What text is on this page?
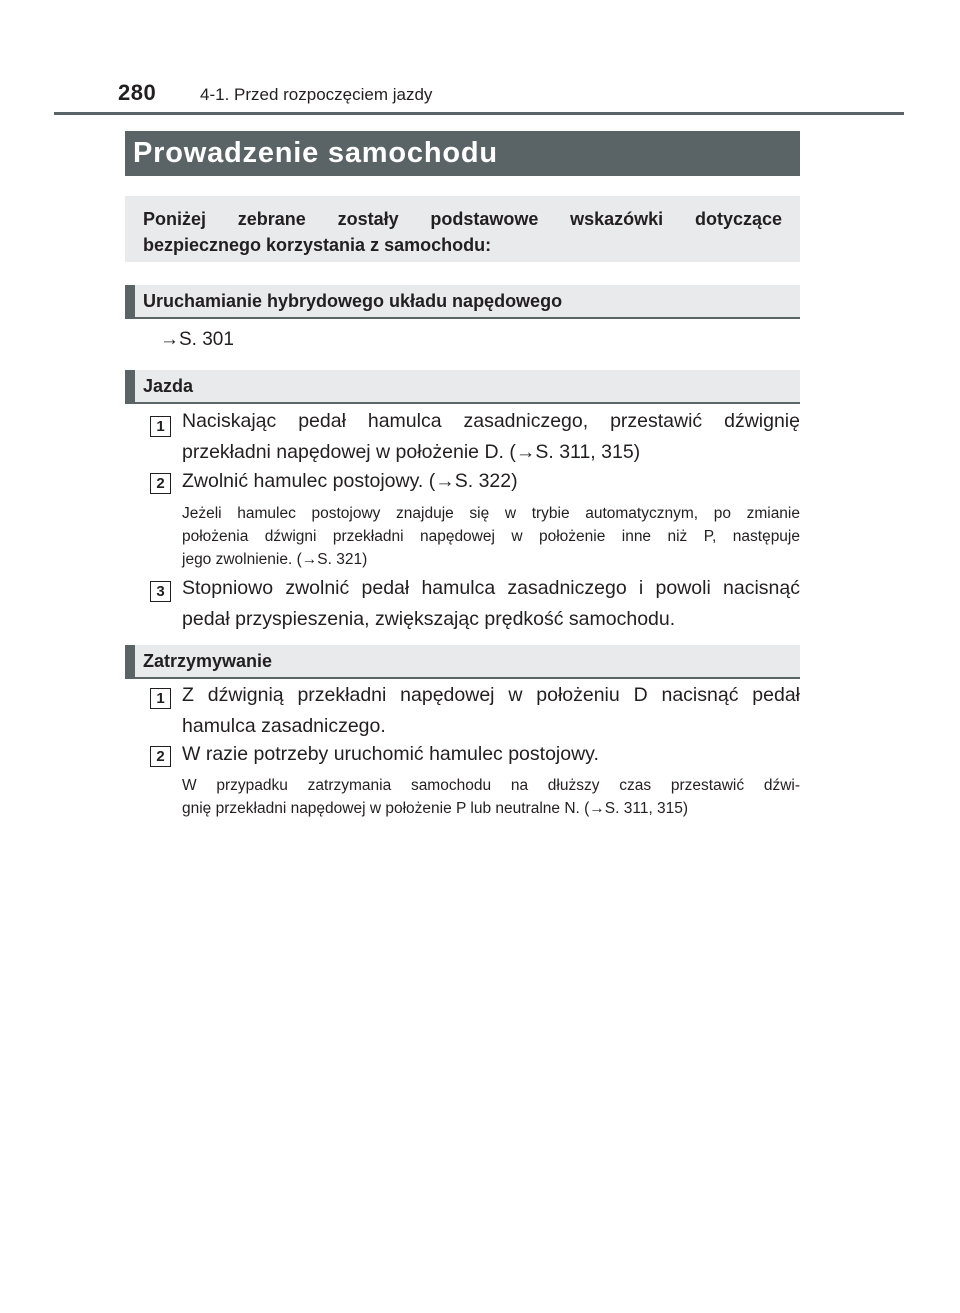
280	4-1. Przed rozpoczęciem jazdy
Prowadzenie samochodu
Poniżej zebrane zostały podstawowe wskazówki dotyczące
bezpiecznego korzystania z samochodu:
Uruchamianie hybrydowego układu napędowego
→S. 301
Jazda
1 Naciskając pedał hamulca zasadniczego, przestawić dźwignię
przekładni napędowej w położenie D. (→S. 311, 315)
2 Zwolnić hamulec postojowy. (→S. 322)
Jeżeli hamulec postojowy znajduje się w trybie automatycznym, po zmianie
położenia dźwigni przekładni napędowej w położenie inne niż P, następuje
jego zwolnienie. (→S. 321)
3 Stopniowo zwolnić pedał hamulca zasadniczego i powoli nacisnąć
pedał przyspieszenia, zwiększając prędkość samochodu.
Zatrzymywanie
1 Z dźwignią przekładni napędowej w położeniu D nacisnąć pedał
hamulca zasadniczego.
2 W razie potrzeby uruchomić hamulec postojowy.
W przypadku zatrzymania samochodu na dłuższy czas przestawić dźwi-
gnię przekładni napędowej w położenie P lub neutralne N. (→S. 311, 315)
